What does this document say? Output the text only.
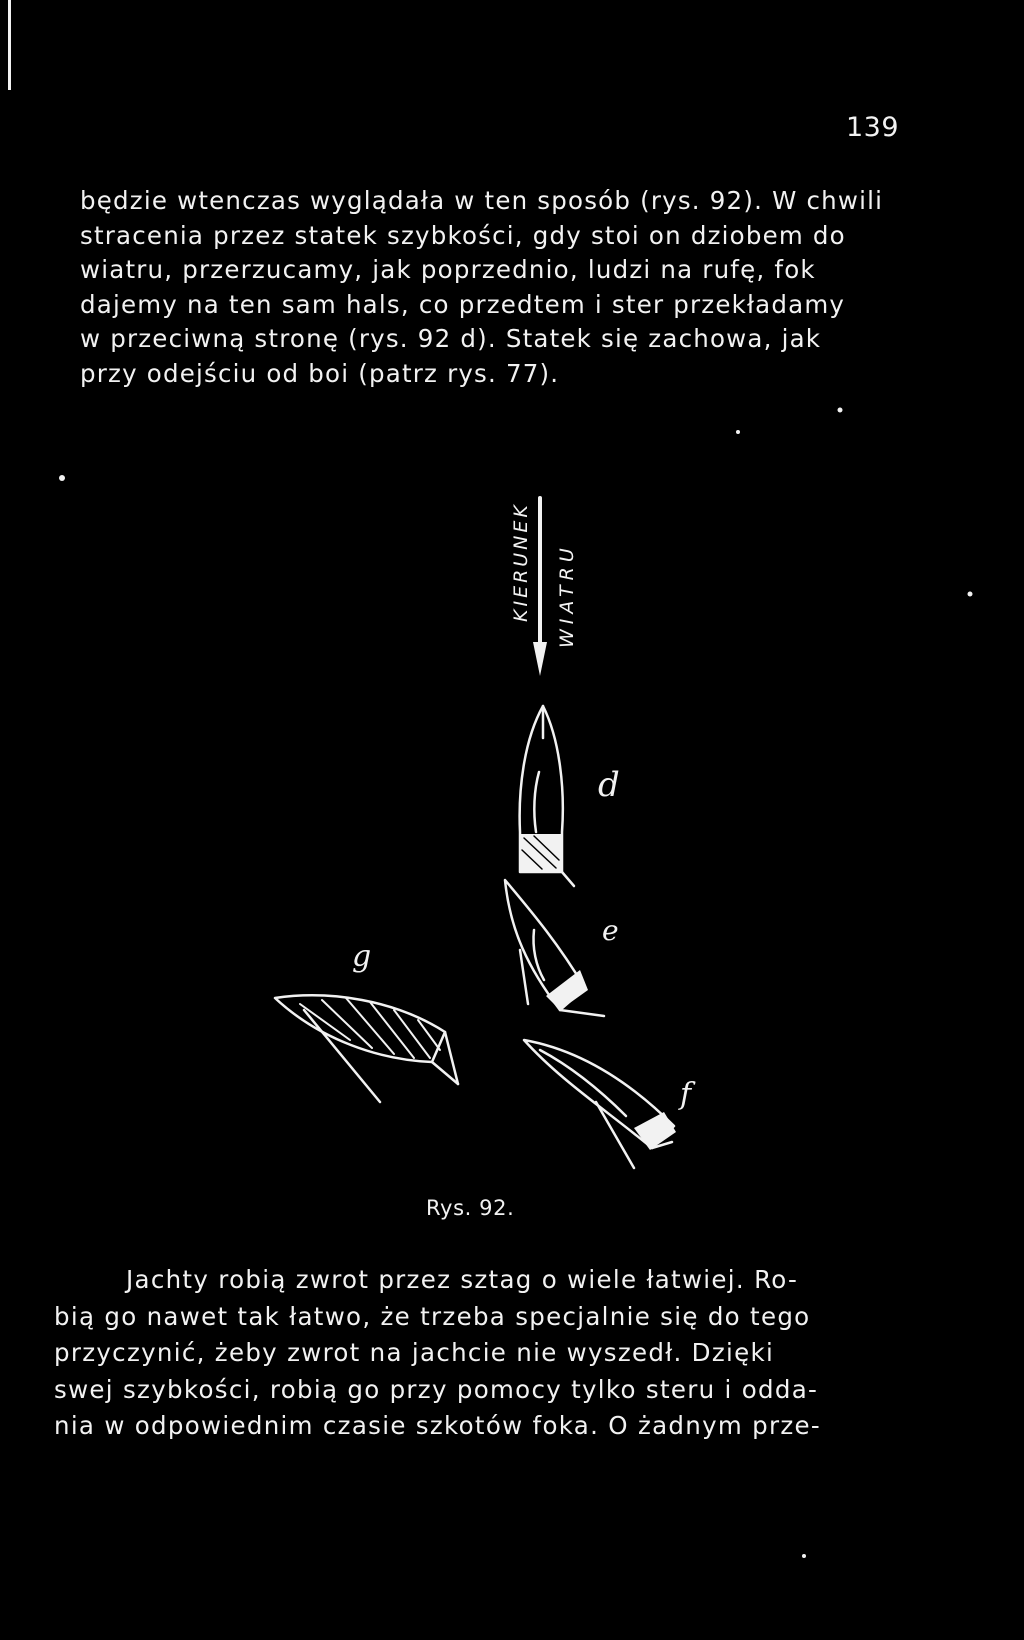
139
będzie wtenczas wyglądała w ten sposób (rys. 92). W chwili
stracenia przez statek szybkości, gdy stoi on dziobem do
wiatru, przerzucamy, jak poprzednio, ludzi na rufę, fok
dajemy na ten sam hals, co przedtem i ster przekładamy
w przeciwną stronę (rys. 92 d). Statek się zachowa, jak
przy odejściu od boi (patrz rys. 77).
KIERUNEK WIATRU
d
e
f
g
Rys. 92.
Jachty robią zwrot przez sztag o wiele łatwiej. Ro-
bią go nawet tak łatwo, że trzeba specjalnie się do tego
przyczynić, żeby zwrot na jachcie nie wyszedł. Dzięki
swej szybkości, robią go przy pomocy tylko steru i odda-
nia w odpowiednim czasie szkotów foka. O żadnym prze-
